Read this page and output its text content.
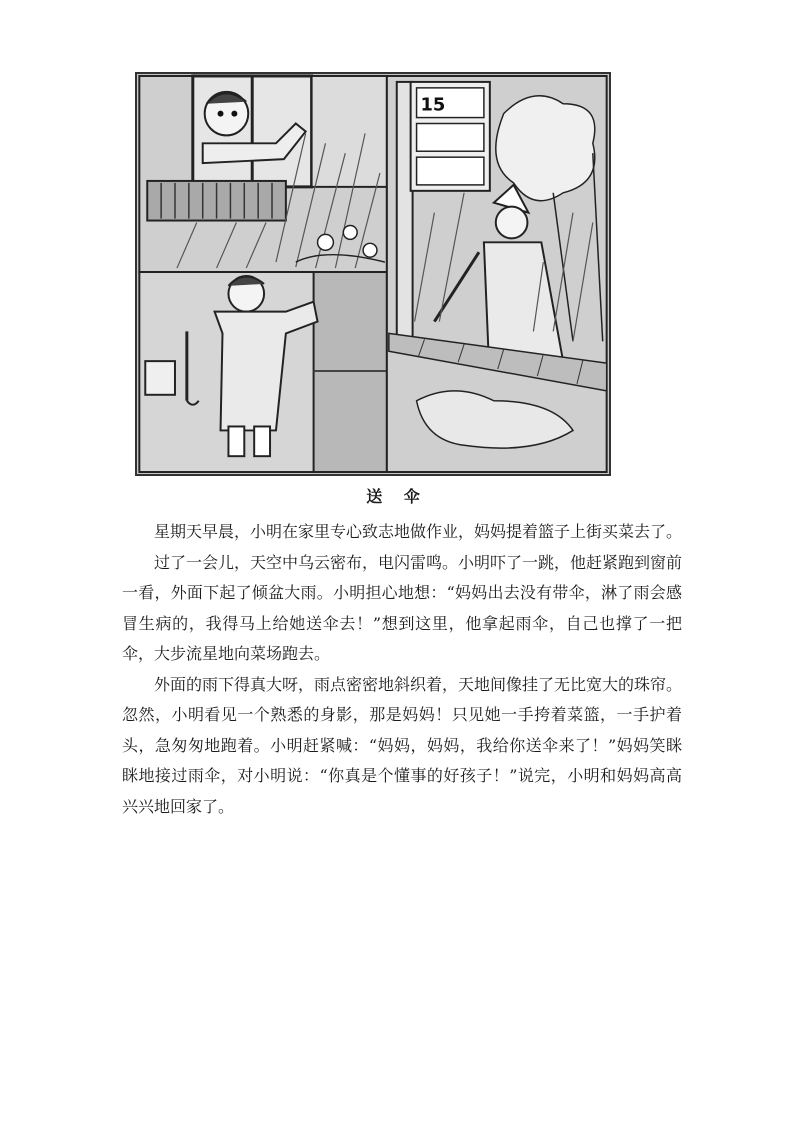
15
送 伞

星期天早晨，小明在家里专心致志地做作业，妈妈提着篮子上街买菜去了。

过了一会儿，天空中乌云密布，电闪雷鸣。小明吓了一跳，他赶紧跑到窗前一看，外面下起了倾盆大雨。小明担心地想：“妈妈出去没有带伞，淋了雨会感冒生病的，我得马上给她送伞去！”想到这里，他拿起雨伞，自己也撑了一把伞，大步流星地向菜场跑去。

外面的雨下得真大呀，雨点密密地斜织着，天地间像挂了无比宽大的珠帘。忽然，小明看见一个熟悉的身影，那是妈妈！只见她一手挎着菜篮，一手护着头，急匆匆地跑着。小明赶紧喊：“妈妈，妈妈，我给你送伞来了！”妈妈笑眯眯地接过雨伞，对小明说：“你真是个懂事的好孩子！”说完，小明和妈妈高高兴兴地回家了。
